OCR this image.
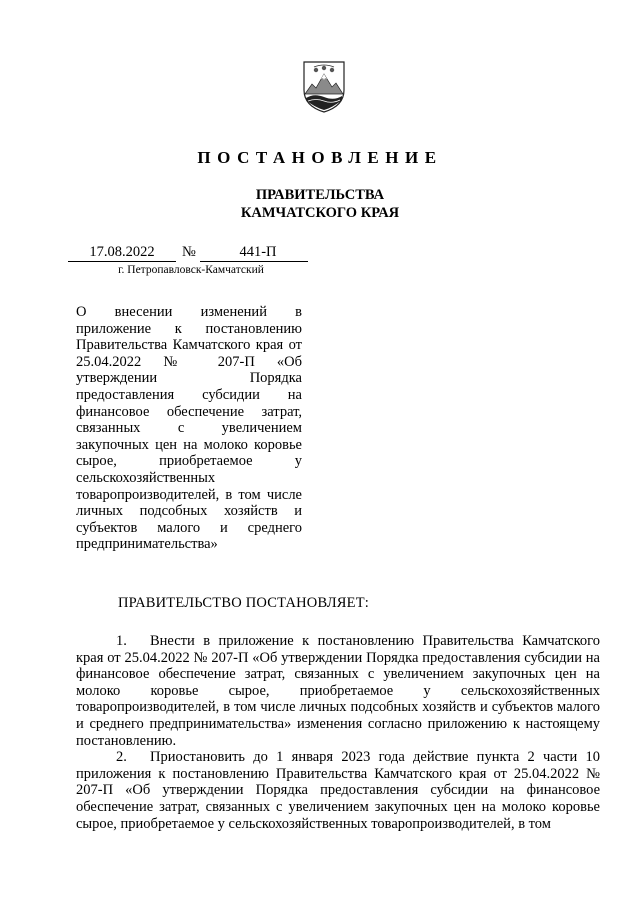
ПОСТАНОВЛЕНИЕ
ПРАВИТЕЛЬСТВА
КАМЧАТСКОГО КРАЯ
17.08.2022	№	441-П
г. Петропавловск-Камчатский
О внесении изменений в приложение к постановлению Правительства Камчатского края от 25.04.2022 № 207-П «Об утверждении Порядка предоставления субсидии на финансовое обеспечение затрат, связанных с увеличением закупочных цен на молоко коровье сырое, приобретаемое у сельскохозяйственных товаропроизводителей, в том числе личных подсобных хозяйств и субъектов малого и среднего предпринимательства»
ПРАВИТЕЛЬСТВО ПОСТАНОВЛЯЕТ:

1. Внести в приложение к постановлению Правительства Камчатского края от 25.04.2022 № 207-П «Об утверждении Порядка предоставления субсидии на финансовое обеспечение затрат, связанных с увеличением закупочных цен на молоко коровье сырое, приобретаемое у сельскохозяйственных товаропроизводителей, в том числе личных подсобных хозяйств и субъектов малого и среднего предпринимательства» изменения согласно приложению к настоящему постановлению.

2. Приостановить до 1 января 2023 года действие пункта 2 части 10 приложения к постановлению Правительства Камчатского края от 25.04.2022 № 207-П «Об утверждении Порядка предоставления субсидии на финансовое обеспечение затрат, связанных с увеличением закупочных цен на молоко коровье сырое, приобретаемое у сельскохозяйственных товаропроизводителей, в том
